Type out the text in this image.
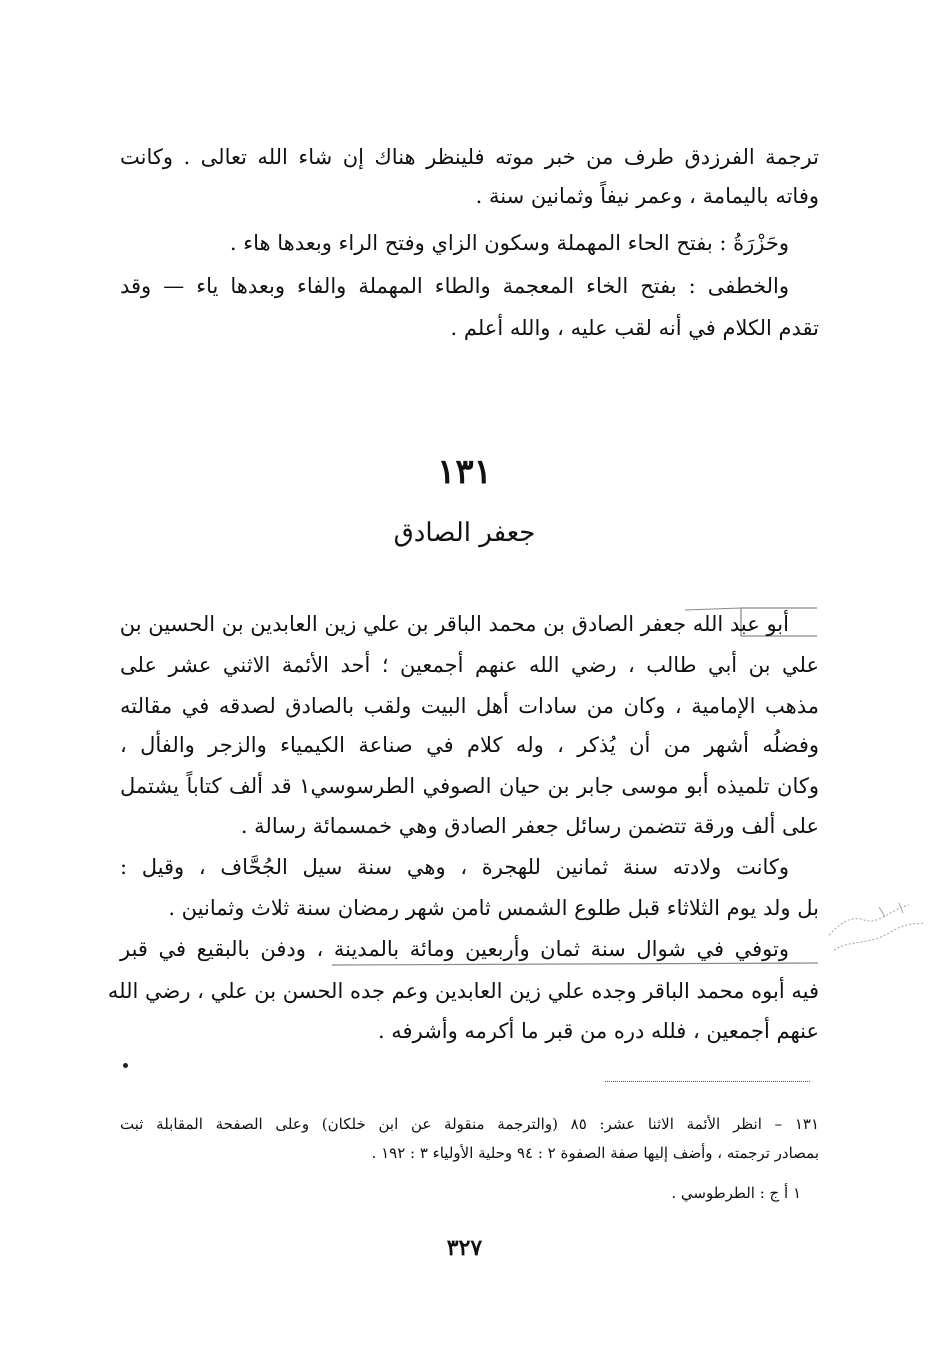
ترجمة الفرزدق طرف من خبر موته فلينظر هناك إن شاء الله تعالى . وكانت
وفاته باليمامة ، وعمر نيفاً وثمانين سنة .
وحَزْرَةُ : بفتح الحاء المهملة وسكون الزاي وفتح الراء وبعدها هاء .
والخطفى : بفتح الخاء المعجمة والطاء المهملة والفاء وبعدها ياء — وقد
تقدم الكلام في أنه لقب عليه ، والله أعلم .
١٣١
جعفر الصادق
أبو عبد الله جعفر الصادق بن محمد الباقر بن علي زين العابدين بن الحسين بن
علي بن أبي طالب ، رضي الله عنهم أجمعين ؛ أحد الأئمة الاثني عشر على
مذهب الإمامية ، وكان من سادات أهل البيت ولقب بالصادق لصدقه في مقالته
وفضلُه أشهر من أن يُذكر ، وله كلام في صناعة الكيمياء والزجر والفأل ،
وكان تلميذه أبو موسى جابر بن حيان الصوفي الطرسوسي١ قد ألف كتاباً يشتمل
على ألف ورقة تتضمن رسائل جعفر الصادق وهي خمسمائة رسالة .
وكانت ولادته سنة ثمانين للهجرة ، وهي سنة سيل الجُحَّاف ، وقيل :
بل ولد يوم الثلاثاء قبل طلوع الشمس ثامن شهر رمضان سنة ثلاث وثمانين .
وتوفي في شوال سنة ثمان وأربعين ومائة بالمدينة ، ودفن بالبقيع في قبر
فيه أبوه محمد الباقر وجده علي زين العابدين وعم جده الحسن بن علي ، رضي الله
عنهم أجمعين ، فلله دره من قبر ما أكرمه وأشرفه .
١٣١ – انظر الأئمة الاثنا عشر: ٨٥ (والترجمة منقولة عن ابن خلكان) وعلى الصفحة المقابلة ثبت
بمصادر ترجمته ، وأضف إليها صفة الصفوة ٢ : ٩٤ وحلية الأولياء ٣ : ١٩٢ .
١ أ ج : الطرطوسي .
٣٢٧
